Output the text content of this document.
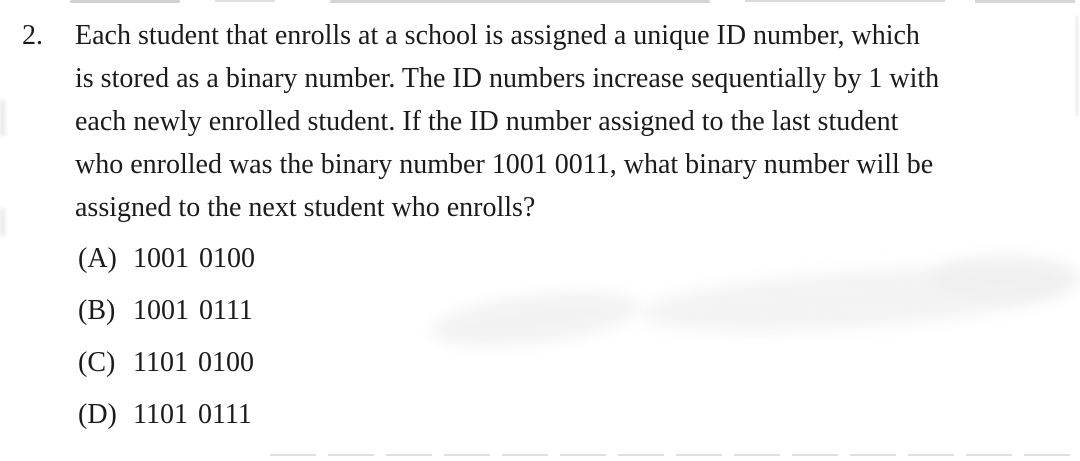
2. Each student that enrolls at a school is assigned a unique ID number, which
is stored as a binary number. The ID numbers increase sequentially by 1 with
each newly enrolled student. If the ID number assigned to the last student
who enrolled was the binary number 1001 0011, what binary number will be
assigned to the next student who enrolls?
(A) 1001 0100
(B) 1001 0111
(C) 1101 0100
(D) 1101 0111
